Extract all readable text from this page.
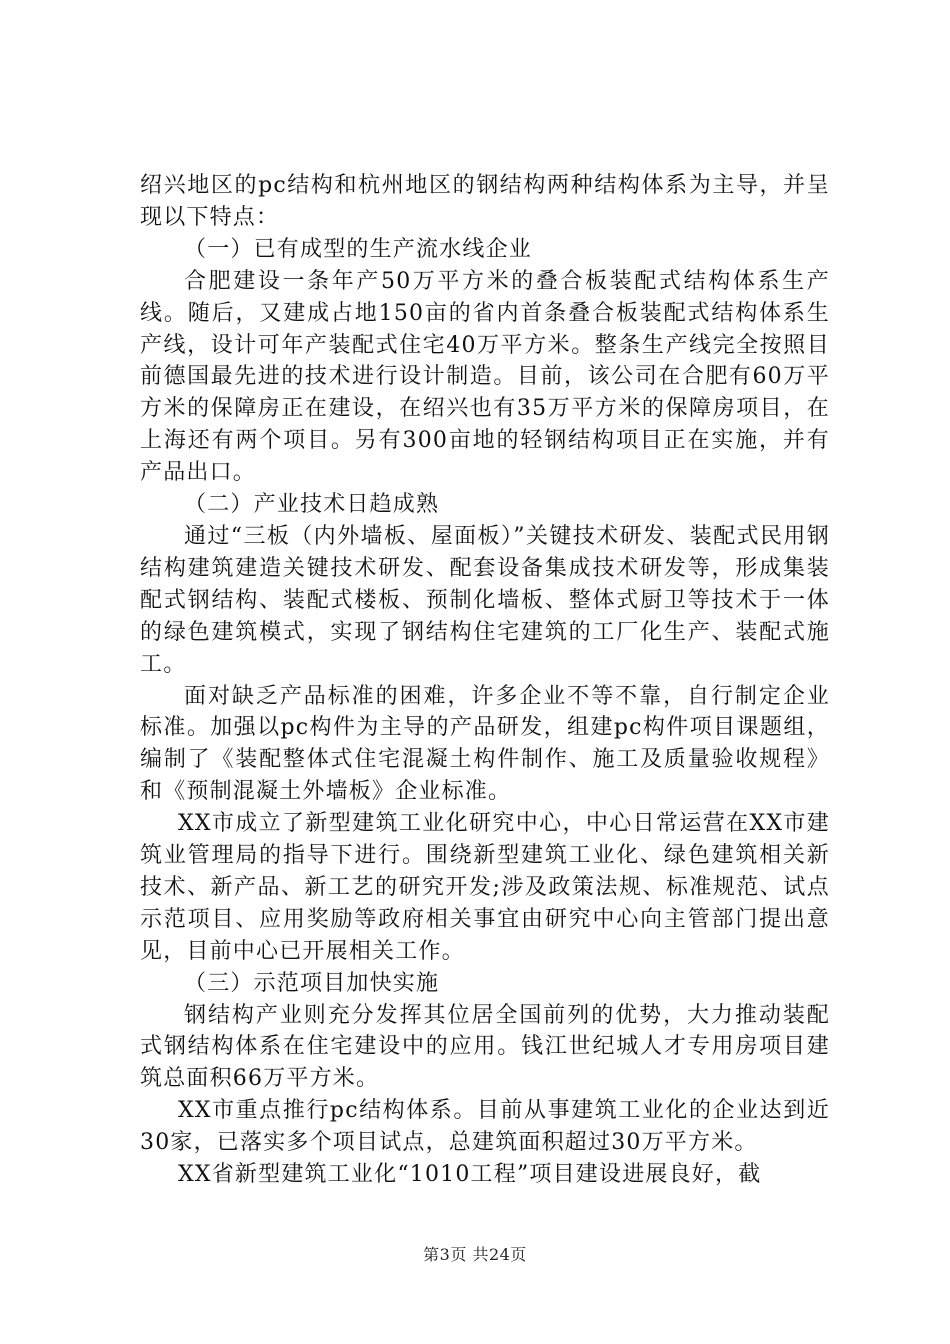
绍兴地区的pc结构和杭州地区的钢结构两种结构体系为主导，并呈现以下特点：

（一）已有成型的生产流水线企业

合肥建设一条年产50万平方米的叠合板装配式结构体系生产线。随后，又建成占地150亩的省内首条叠合板装配式结构体系生产线，设计可年产装配式住宅40万平方米。整条生产线完全按照目前德国最先进的技术进行设计制造。目前，该公司在合肥有60万平方米的保障房正在建设，在绍兴也有35万平方米的保障房项目，在上海还有两个项目。另有300亩地的轻钢结构项目正在实施，并有产品出口。

（二）产业技术日趋成熟

通过“三板（内外墙板、屋面板）”关键技术研发、装配式民用钢结构建筑建造关键技术研发、配套设备集成技术研发等，形成集装配式钢结构、装配式楼板、预制化墙板、整体式厨卫等技术于一体的绿色建筑模式，实现了钢结构住宅建筑的工厂化生产、装配式施工。

面对缺乏产品标准的困难，许多企业不等不靠，自行制定企业标准。加强以pc构件为主导的产品研发，组建pc构件项目课题组，编制了《装配整体式住宅混凝土构件制作、施工及质量验收规程》和《预制混凝土外墙板》企业标准。

XX市成立了新型建筑工业化研究中心，中心日常运营在XX市建筑业管理局的指导下进行。围绕新型建筑工业化、绿色建筑相关新技术、新产品、新工艺的研究开发;涉及政策法规、标准规范、试点示范项目、应用奖励等政府相关事宜由研究中心向主管部门提出意见，目前中心已开展相关工作。

（三）示范项目加快实施

钢结构产业则充分发挥其位居全国前列的优势，大力推动装配式钢结构体系在住宅建设中的应用。钱江世纪城人才专用房项目建筑总面积66万平方米。

XX市重点推行pc结构体系。目前从事建筑工业化的企业达到近30家，已落实多个项目试点，总建筑面积超过30万平方米。

XX省新型建筑工业化“1010工程”项目建设进展良好，截

第3页 共24页
